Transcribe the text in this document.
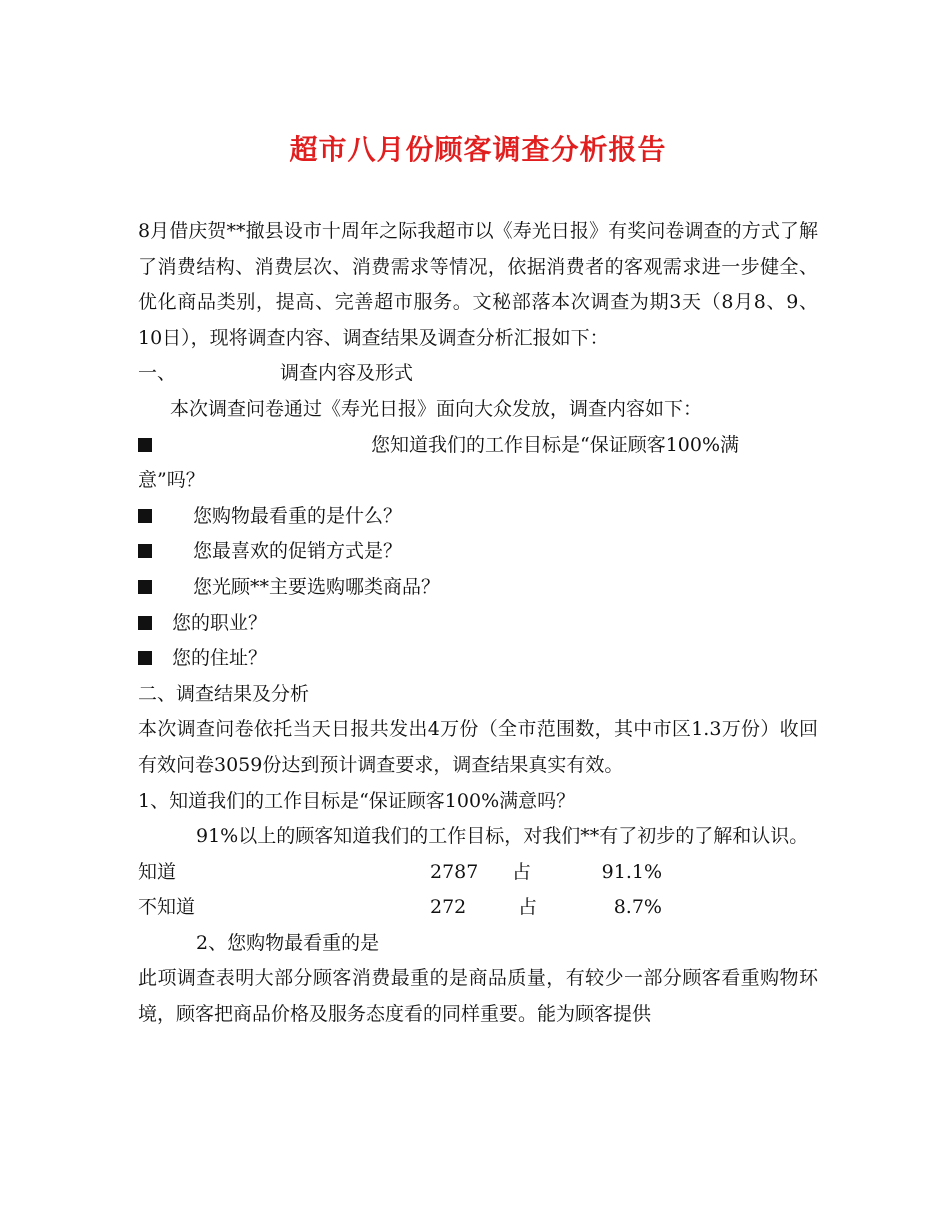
超市八月份顾客调查分析报告

8月借庆贺**撤县设市十周年之际我超市以《寿光日报》有奖问卷调查的方式了解了消费结构、消费层次、消费需求等情况，依据消费者的客观需求进一步健全、优化商品类别，提高、完善超市服务。文秘部落本次调查为期3天（8月8、9、10日），现将调查内容、调查结果及调查分析汇报如下：

一、	调查内容及形式

本次调查问卷通过《寿光日报》面向大众发放，调查内容如下：

您知道我们的工作目标是“保证顾客100%满
意”吗？
您购物最看重的是什么？
您最喜欢的促销方式是？
您光顾**主要选购哪类商品？
您的职业？
您的住址？
二、调查结果及分析

本次调查问卷依托当天日报共发出4万份（全市范围数，其中市区1.3万份）收回有效问卷3059份达到预计调查要求，调查结果真实有效。

1、知道我们的工作目标是“保证顾客100%满意吗？

91%以上的顾客知道我们的工作目标，对我们**有了初步的了解和认识。

知道	2787	占	91.1%
不知道	272	占	8.7%
2、您购物最看重的是

此项调查表明大部分顾客消费最重的是商品质量，有较少一部分顾客看重购物环境，顾客把商品价格及服务态度看的同样重要。能为顾客提供
